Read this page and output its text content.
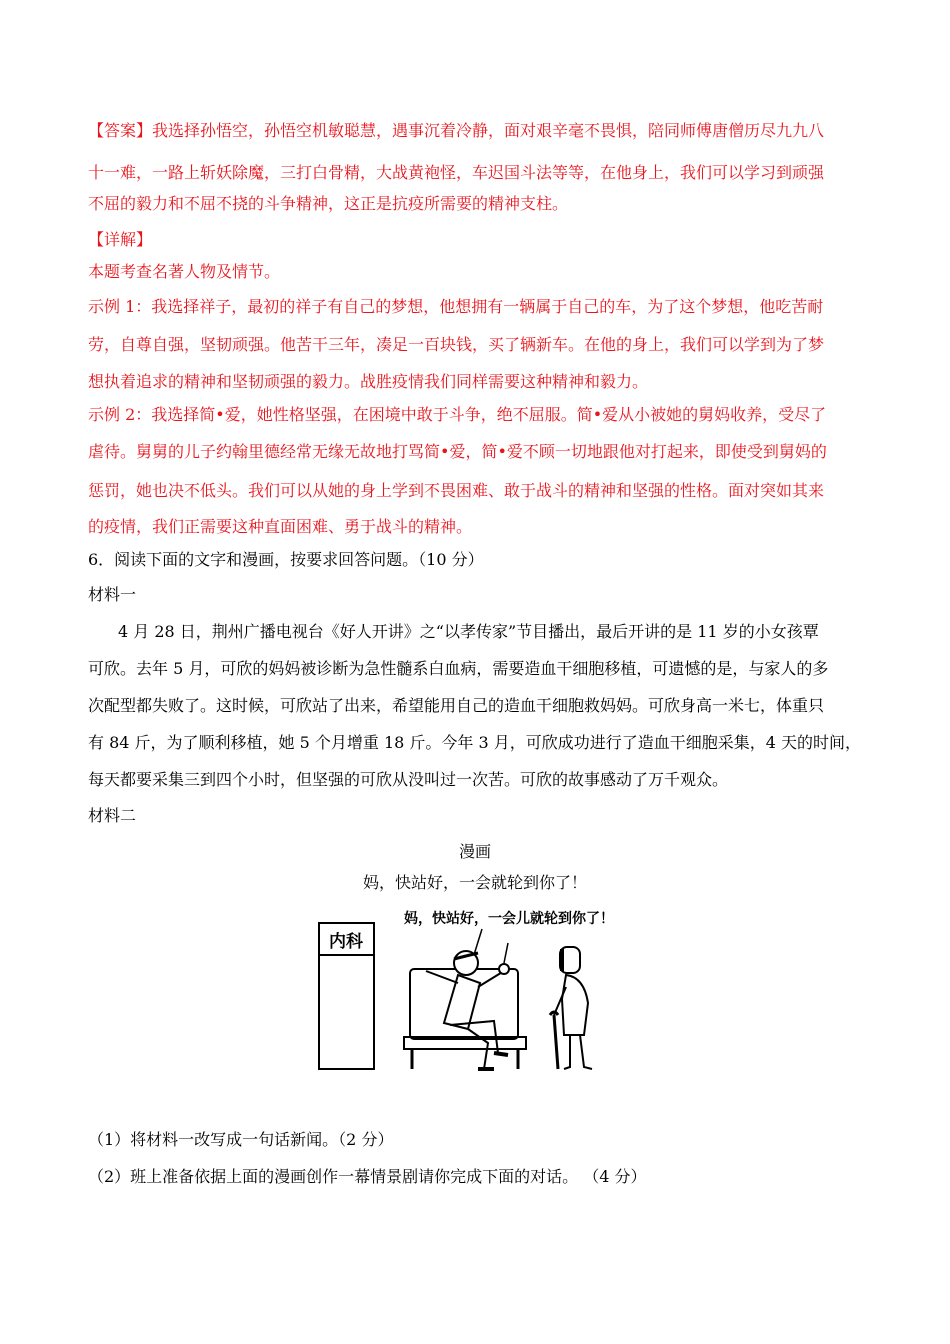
【答案】我选择孙悟空，孙悟空机敏聪慧，遇事沉着冷静，面对艰辛毫不畏惧，陪同师傅唐僧历尽九九八
十一难，一路上斩妖除魔，三打白骨精，大战黄袍怪，车迟国斗法等等，在他身上，我们可以学习到顽强
不屈的毅力和不屈不挠的斗争精神，这正是抗疫所需要的精神支柱。
【详解】
本题考查名著人物及情节。
示例 1：我选择祥子，最初的祥子有自己的梦想，他想拥有一辆属于自己的车，为了这个梦想，他吃苦耐
劳，自尊自强，坚韧顽强。他苦干三年，凑足一百块钱，买了辆新车。在他的身上，我们可以学到为了梦
想执着追求的精神和坚韧顽强的毅力。战胜疫情我们同样需要这种精神和毅力。
示例 2：我选择简•爱，她性格坚强，在困境中敢于斗争，绝不屈服。简•爱从小被她的舅妈收养，受尽了
虐待。舅舅的儿子约翰里德经常无缘无故地打骂简•爱，简•爱不顾一切地跟他对打起来，即使受到舅妈的
惩罚，她也决不低头。我们可以从她的身上学到不畏困难、敢于战斗的精神和坚强的性格。面对突如其来
的疫情，我们正需要这种直面困难、勇于战斗的精神。
6．阅读下面的文字和漫画，按要求回答问题。（10 分）
材料一
4 月 28 日，荆州广播电视台《好人开讲》之“以孝传家”节目播出，最后开讲的是 11 岁的小女孩覃
可欣。去年 5 月，可欣的妈妈被诊断为急性髓系白血病，需要造血干细胞移植，可遗憾的是，与家人的多
次配型都失败了。这时候，可欣站了出来，希望能用自己的造血干细胞救妈妈。可欣身高一米七，体重只
有 84 斤，为了顺利移植，她 5 个月增重 18 斤。今年 3 月，可欣成功进行了造血干细胞采集，4 天的时间，
每天都要采集三到四个小时，但坚强的可欣从没叫过一次苦。可欣的故事感动了万千观众。
材料二
漫画
妈，快站好，一会就轮到你了！
内科
妈，快站好，一会儿就轮到你了！
（1）将材料一改写成一句话新闻。（2 分）
（2）班上准备依据上面的漫画创作一幕情景剧请你完成下面的对话。 （4 分）
